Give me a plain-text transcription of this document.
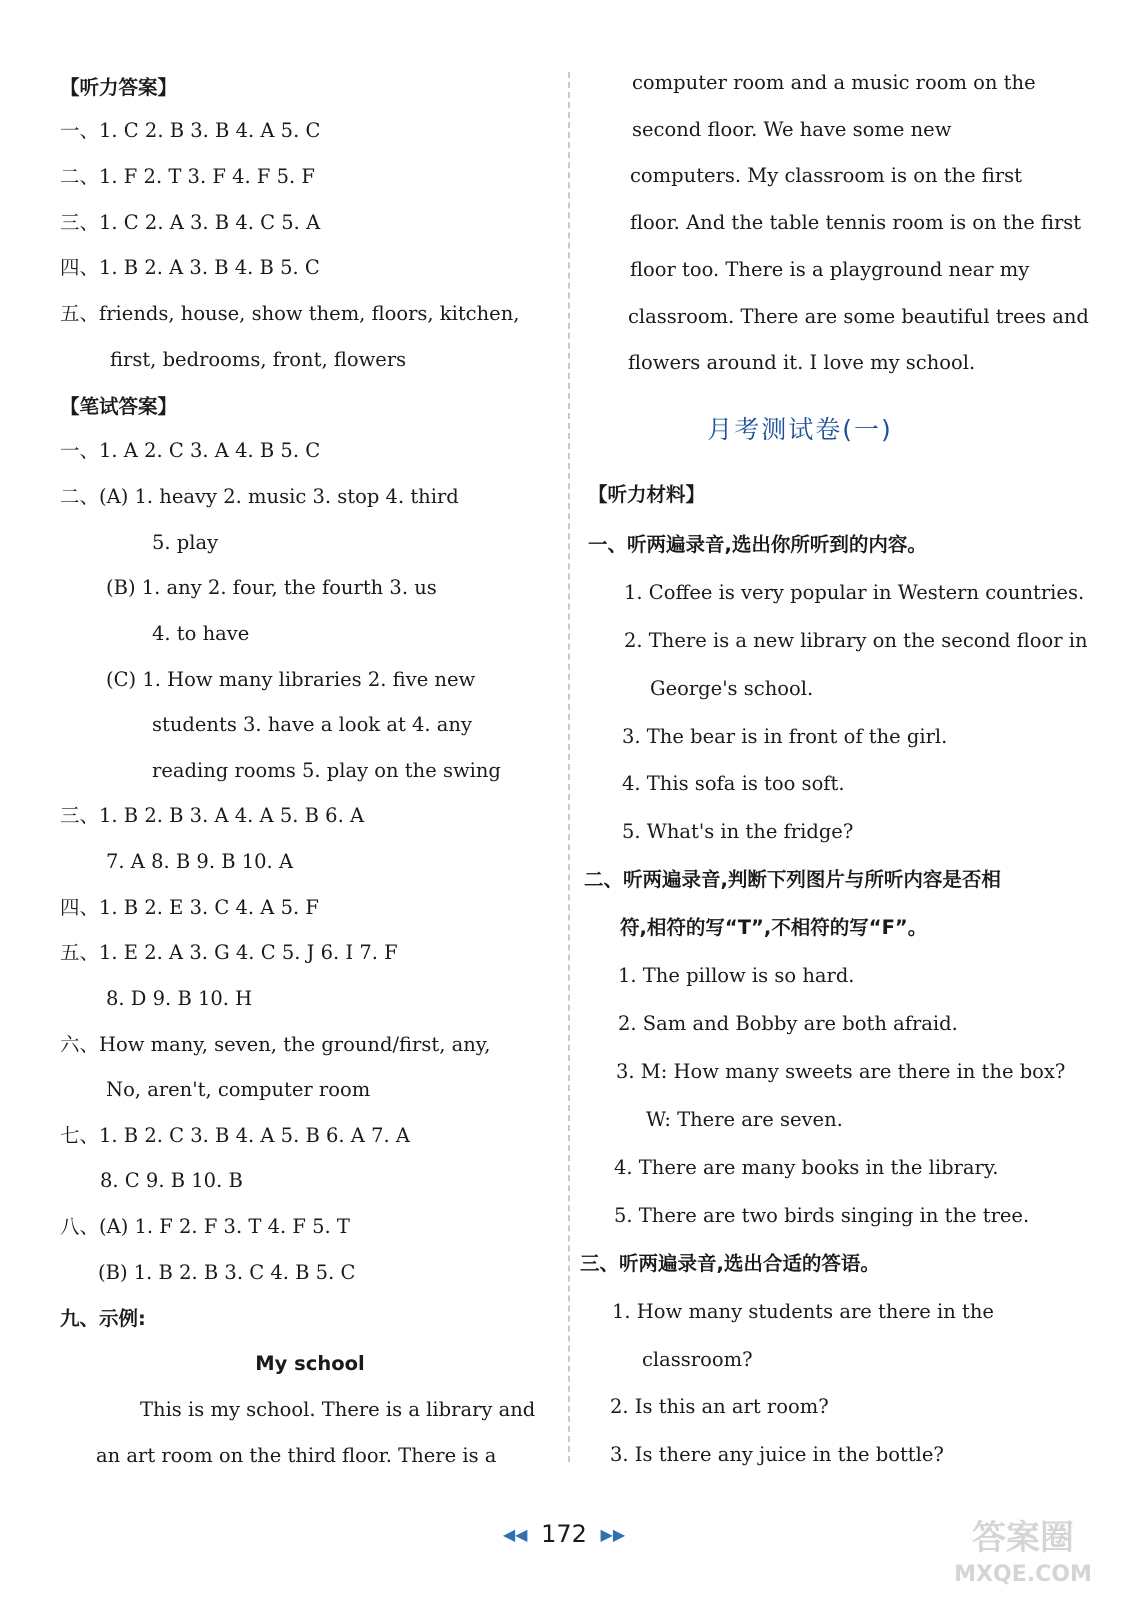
【听力答案】
一、1. C 2. B 3. B 4. A 5. C
二、1. F 2. T 3. F 4. F 5. F
三、1. C 2. A 3. B 4. C 5. A
四、1. B 2. A 3. B 4. B 5. C
五、friends, house, show them, floors, kitchen,
first, bedrooms, front, flowers
【笔试答案】
一、1. A 2. C 3. A 4. B 5. C
二、(A) 1. heavy 2. music 3. stop 4. third
5. play
(B) 1. any 2. four, the fourth 3. us
4. to have
(C) 1. How many libraries 2. five new
students 3. have a look at 4. any
reading rooms 5. play on the swing
三、1. B 2. B 3. A 4. A 5. B 6. A
7. A 8. B 9. B 10. A
四、1. B 2. E 3. C 4. A 5. F
五、1. E 2. A 3. G 4. C 5. J 6. I 7. F
8. D 9. B 10. H
六、How many, seven, the ground/first, any,
No, aren't, computer room
七、1. B 2. C 3. B 4. A 5. B 6. A 7. A
8. C 9. B 10. B
八、(A) 1. F 2. F 3. T 4. F 5. T
(B) 1. B 2. B 3. C 4. B 5. C
九、示例:
My school
This is my school. There is a library and
an art room on the third floor. There is a
computer room and a music room on the
second floor. We have some new
computers. My classroom is on the first
floor. And the table tennis room is on the first
floor too. There is a playground near my
classroom. There are some beautiful trees and
flowers around it. I love my school.
月考测试卷(一)
【听力材料】
一、听两遍录音,选出你所听到的内容。
1. Coffee is very popular in Western countries.
2. There is a new library on the second floor in
George's school.
3. The bear is in front of the girl.
4. This sofa is too soft.
5. What's in the fridge?
二、听两遍录音,判断下列图片与所听内容是否相
符,相符的写“T”,不相符的写“F”。
1. The pillow is so hard.
2. Sam and Bobby are both afraid.
3. M: How many sweets are there in the box?
W: There are seven.
4. There are many books in the library.
5. There are two birds singing in the tree.
三、听两遍录音,选出合适的答语。
1. How many students are there in the
classroom?
2. Is this an art room?
3. Is there any juice in the bottle?
◀◀ 172 ▶▶	答案圈
MXQE.COM
